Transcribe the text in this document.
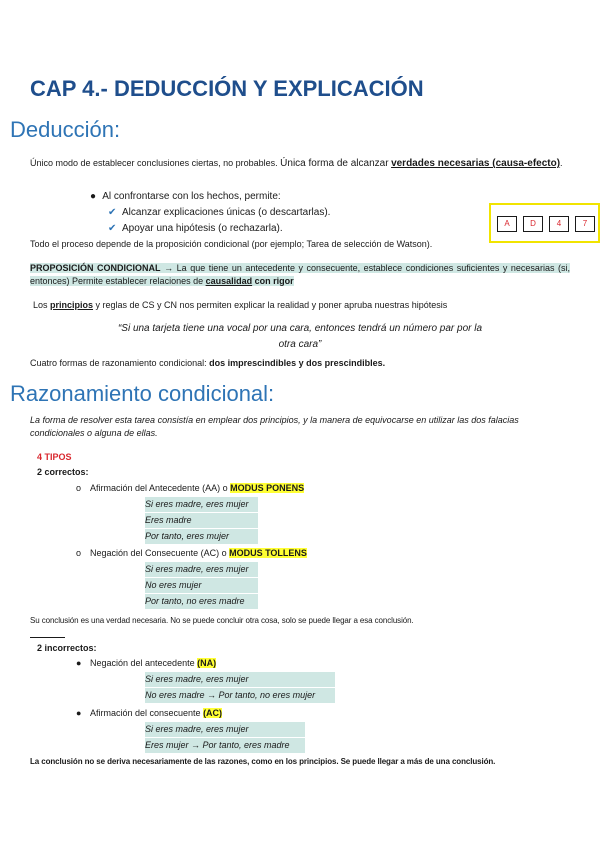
CAP 4.- DEDUCCIÓN Y EXPLICACIÓN
Deducción:
Único modo de establecer conclusiones ciertas, no probables. Única forma de alcanzar verdades necesarias (causa-efecto).
● Al confrontarse con los hechos, permite:
✔ Alcanzar explicaciones únicas (o descartarlas).
✔ Apoyar una hipótesis (o rechazarla).	A	D	4	7
Todo el proceso depende de la proposición condicional (por ejemplo; Tarea de selección de Watson).
PROPOSICIÓN CONDICIONAL → La que tiene un antecedente y consecuente, establece condiciones suficientes y necesarias (si, entonces) Permite establecer relaciones de causalidad con rigor
Los principios y reglas de CS y CN nos permiten explicar la realidad y poner apruba nuestras hipótesis
“Si una tarjeta tiene una vocal por una cara, entonces tendrá un número par por la
otra cara”
Cuatro formas de razonamiento condicional: dos imprescindibles y dos prescindibles.
Razonamiento condicional:
La forma de resolver esta tarea consistía en emplear dos principios, y la manera de equivocarse en utilizar las dos falacias condicionales o alguna de ellas.
4 TIPOS
2 correctos:
o Afirmación del Antecedente (AA) o MODUS PONENS
Si eres madre, eres mujer
Eres madre
Por tanto, eres mujer
o Negación del Consecuente (AC) o MODUS TOLLENS
Si eres madre, eres mujer
No eres mujer
Por tanto, no eres madre
Su conclusión es una verdad necesaria. No se puede concluir otra cosa, solo se puede llegar a esa conclusión.
2 incorrectos:
● Negación del antecedente (NA)
Si eres madre, eres mujer
No eres madre → Por tanto, no eres mujer
● Afirmación del consecuente (AC)
Si eres madre, eres mujer
Eres mujer → Por tanto, eres madre
La conclusión no se deriva necesariamente de las razones, como en los principios. Se puede llegar a más de una conclusión.
